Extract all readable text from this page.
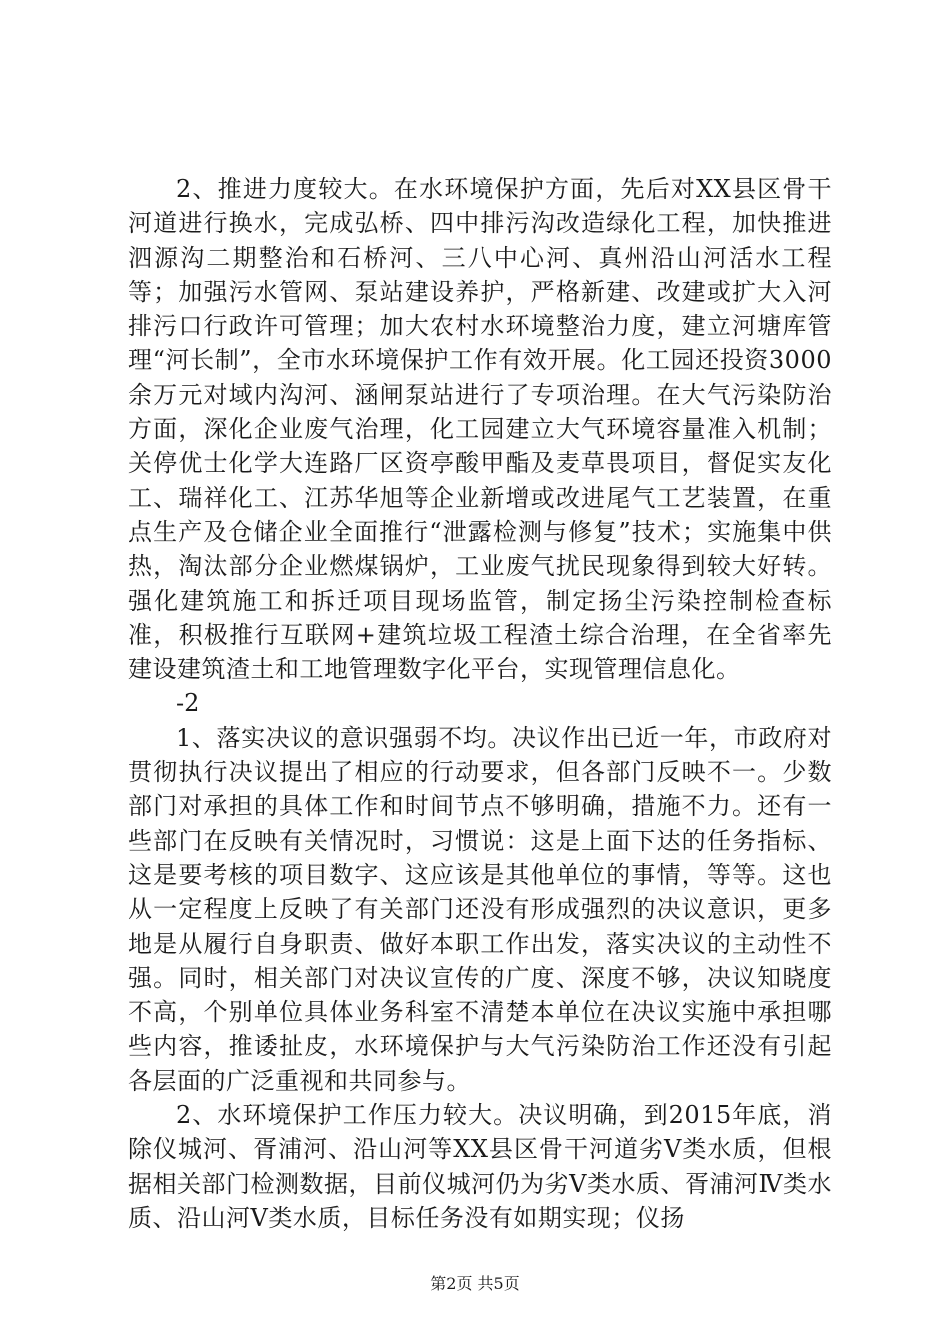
2、推进力度较大。在水环境保护方面，先后对XX县区骨干河道进行换水，完成弘桥、四中排污沟改造绿化工程，加快推进泗源沟二期整治和石桥河、三八中心河、真州沿山河活水工程等；加强污水管网、泵站建设养护，严格新建、改建或扩大入河排污口行政许可管理；加大农村水环境整治力度，建立河塘库管理“河长制”，全市水环境保护工作有效开展。化工园还投资3000余万元对域内沟河、涵闸泵站进行了专项治理。在大气污染防治方面，深化企业废气治理，化工园建立大气环境容量准入机制；关停优士化学大连路厂区资亭酸甲酯及麦草畏项目，督促实友化工、瑞祥化工、江苏华旭等企业新增或改进尾气工艺装置，在重点生产及仓储企业全面推行“泄露检测与修复”技术；实施集中供热，淘汰部分企业燃煤锅炉，工业废气扰民现象得到较大好转。强化建筑施工和拆迁项目现场监管，制定扬尘污染控制检查标准，积极推行互联网+建筑垃圾工程渣土综合治理，在全省率先建设建筑渣土和工地管理数字化平台，实现管理信息化。

-2

1、落实决议的意识强弱不均。决议作出已近一年，市政府对贯彻执行决议提出了相应的行动要求，但各部门反映不一。少数部门对承担的具体工作和时间节点不够明确，措施不力。还有一些部门在反映有关情况时，习惯说：这是上面下达的任务指标、这是要考核的项目数字、这应该是其他单位的事情，等等。这也从一定程度上反映了有关部门还没有形成强烈的决议意识，更多地是从履行自身职责、做好本职工作出发，落实决议的主动性不强。同时，相关部门对决议宣传的广度、深度不够，决议知晓度不高，个别单位具体业务科室不清楚本单位在决议实施中承担哪些内容，推诿扯皮，水环境保护与大气污染防治工作还没有引起各层面的广泛重视和共同参与。

2、水环境保护工作压力较大。决议明确，到2015年底，消除仪城河、胥浦河、沿山河等XX县区骨干河道劣Ⅴ类水质，但根据相关部门检测数据，目前仪城河仍为劣Ⅴ类水质、胥浦河Ⅳ类水质、沿山河Ⅴ类水质，目标任务没有如期实现；仪扬

第2页 共5页
